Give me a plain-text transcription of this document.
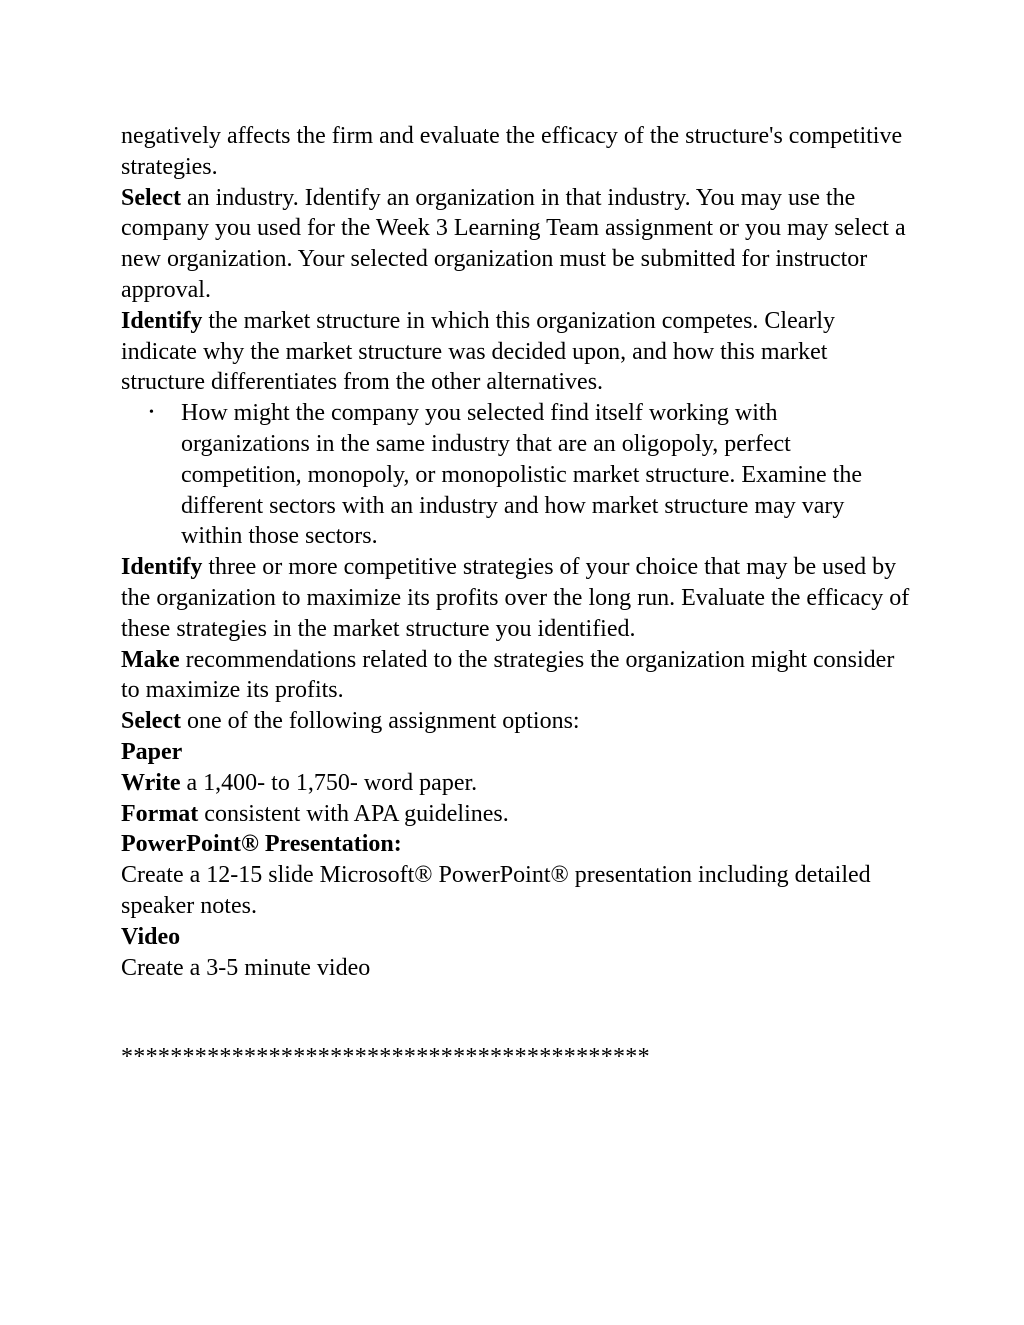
negatively affects the firm and evaluate the efficacy of the structure's competitive strategies.

Select an industry. Identify an organization in that industry. You may use the company you used for the Week 3 Learning Team assignment or you may select a new organization. Your selected organization must be submitted for instructor approval.

Identify the market structure in which this organization competes. Clearly indicate why the market structure was decided upon, and how this market structure differentiates from the other alternatives.

• How might the company you selected find itself working with organizations in the same industry that are an oligopoly, perfect competition, monopoly, or monopolistic market structure. Examine the different sectors with an industry and how market structure may vary within those sectors.

Identify three or more competitive strategies of your choice that may be used by the organization to maximize its profits over the long run. Evaluate the efficacy of these strategies in the market structure you identified.

Make recommendations related to the strategies the organization might consider to maximize its profits.

Select one of the following assignment options:

Paper

Write a 1,400- to 1,750- word paper.

Format consistent with APA guidelines.

PowerPoint® Presentation:

Create a 12-15 slide Microsoft® PowerPoint® presentation including detailed speaker notes.

Video

Create a 3-5 minute video

*******************************************
